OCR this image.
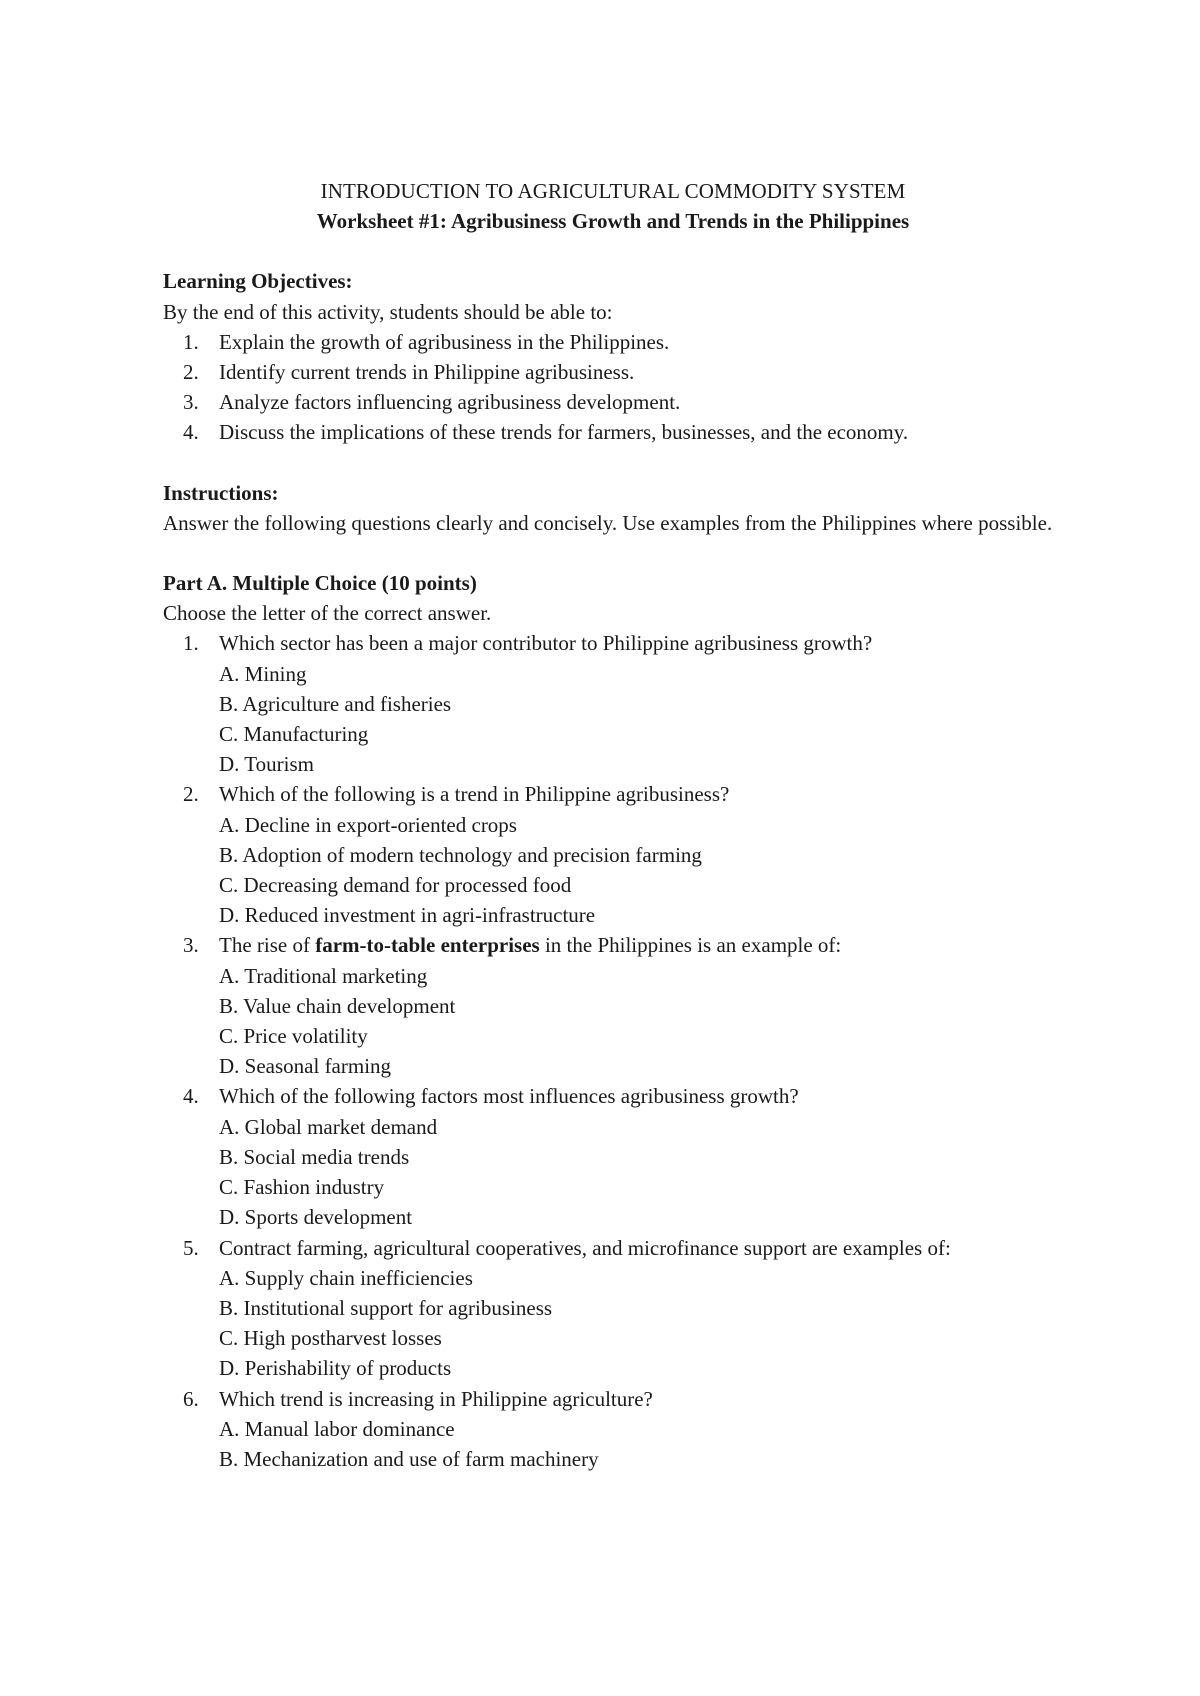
INTRODUCTION TO AGRICULTURAL COMMODITY SYSTEM

Worksheet #1: Agribusiness Growth and Trends in the Philippines

Learning Objectives:

By the end of this activity, students should be able to:

1. Explain the growth of agribusiness in the Philippines.
2. Identify current trends in Philippine agribusiness.
3. Analyze factors influencing agribusiness development.
4. Discuss the implications of these trends for farmers, businesses, and the economy.

Instructions:

Answer the following questions clearly and concisely. Use examples from the Philippines where possible.

Part A. Multiple Choice (10 points)

Choose the letter of the correct answer.

1. Which sector has been a major contributor to Philippine agribusiness growth?
A. Mining
B. Agriculture and fisheries
C. Manufacturing
D. Tourism
2. Which of the following is a trend in Philippine agribusiness?
A. Decline in export-oriented crops
B. Adoption of modern technology and precision farming
C. Decreasing demand for processed food
D. Reduced investment in agri-infrastructure
3. The rise of farm-to-table enterprises in the Philippines is an example of:
A. Traditional marketing
B. Value chain development
C. Price volatility
D. Seasonal farming
4. Which of the following factors most influences agribusiness growth?
A. Global market demand
B. Social media trends
C. Fashion industry
D. Sports development
5. Contract farming, agricultural cooperatives, and microfinance support are examples of:
A. Supply chain inefficiencies
B. Institutional support for agribusiness
C. High postharvest losses
D. Perishability of products
6. Which trend is increasing in Philippine agriculture?
A. Manual labor dominance
B. Mechanization and use of farm machinery
